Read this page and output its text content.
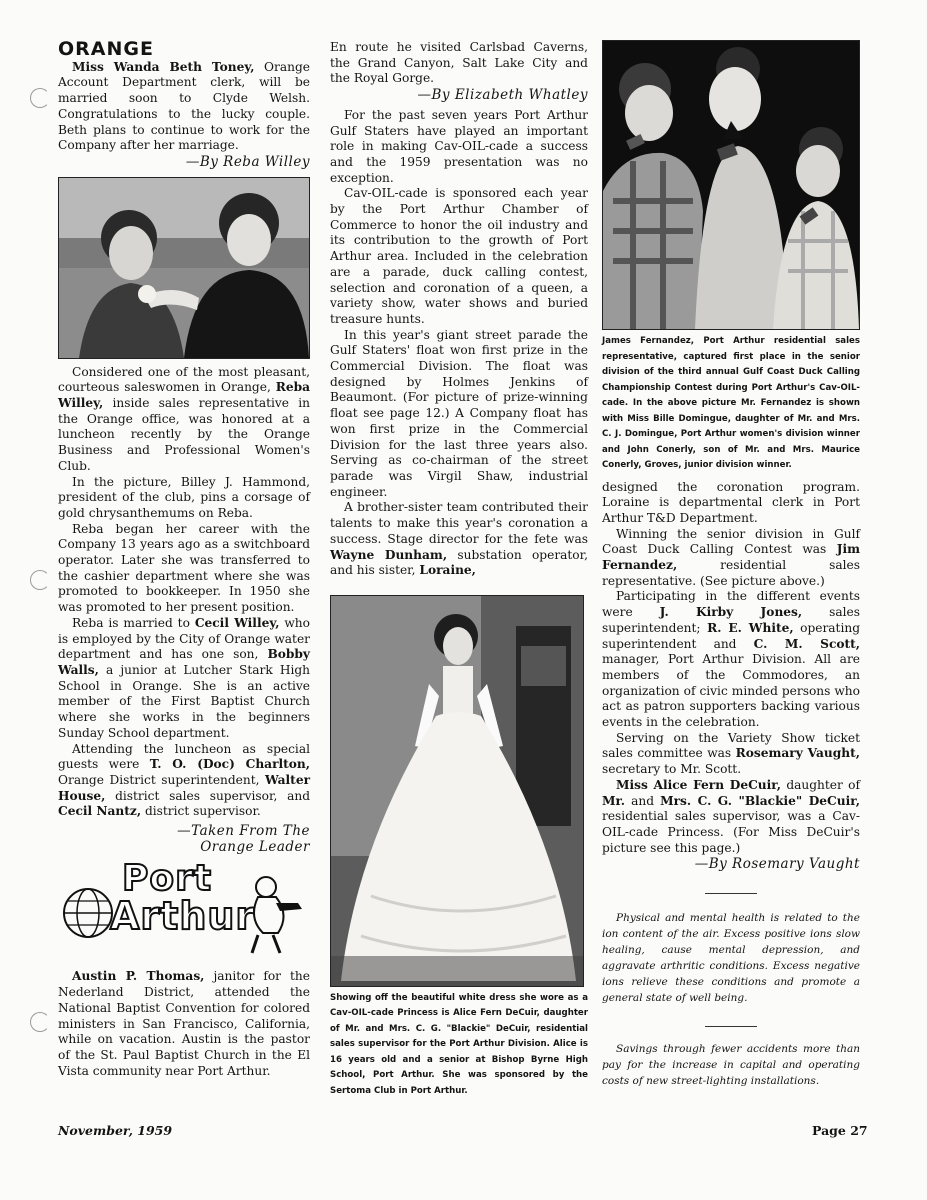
ORANGE

Miss Wanda Beth Toney, Orange Account Department clerk, will be married soon to Clyde Welsh. Congratulations to the lucky couple. Beth plans to continue to work for the Company after her marriage.

—By Reba Willey

Considered one of the most pleasant, courteous saleswomen in Orange, Reba Willey, inside sales representative in the Orange office, was honored at a luncheon recently by the Orange Business and Professional Women's Club.

In the picture, Billey J. Hammond, president of the club, pins a corsage of gold chrysanthemums on Reba.

Reba began her career with the Company 13 years ago as a switchboard operator. Later she was transferred to the cashier department where she was promoted to bookkeeper. In 1950 she was promoted to her present position.

Reba is married to Cecil Willey, who is employed by the City of Orange water department and has one son, Bobby Walls, a junior at Lutcher Stark High School in Orange. She is an active member of the First Baptist Church where she works in the beginners Sunday School department.

Attending the luncheon as special guests were T. O. (Doc) Charlton, Orange District superintendent, Walter House, district sales supervisor, and Cecil Nantz, district supervisor.

—Taken From The
Orange Leader
Port
Arthur

Austin P. Thomas, janitor for the Nederland District, attended the National Baptist Convention for colored ministers in San Francisco, California, while on vacation. Austin is the pastor of the St. Paul Baptist Church in the El Vista community near Port Arthur.

En route he visited Carlsbad Caverns, the Grand Canyon, Salt Lake City and the Royal Gorge.

—By Elizabeth Whatley

For the past seven years Port Arthur Gulf Staters have played an important role in making Cav-OIL-cade a success and the 1959 presentation was no exception.

Cav-OIL-cade is sponsored each year by the Port Arthur Chamber of Commerce to honor the oil industry and its contribution to the growth of Port Arthur area. Included in the celebration are a parade, duck calling contest, selection and coronation of a queen, a variety show, water shows and buried treasure hunts.

In this year's giant street parade the Gulf Staters' float won first prize in the Commercial Division. The float was designed by Holmes Jenkins of Beaumont. (For picture of prize-winning float see page 12.) A Company float has won first prize in the Commercial Division for the last three years also. Serving as co-chairman of the street parade was Virgil Shaw, industrial engineer.

A brother-sister team contributed their talents to make this year's coronation a success. Stage director for the fete was Wayne Dunham, substation operator, and his sister, Loraine,

Showing off the beautiful white dress she wore as a Cav-OIL-cade Princess is Alice Fern DeCuir, daughter of Mr. and Mrs. C. G. "Blackie" DeCuir, residential sales supervisor for the Port Arthur Division. Alice is 16 years old and a senior at Bishop Byrne High School, Port Arthur. She was sponsored by the Sertoma Club in Port Arthur.
James Fernandez, Port Arthur residential sales representative, captured first place in the senior division of the third annual Gulf Coast Duck Calling Championship Contest during Port Arthur's Cav-OIL-cade. In the above picture Mr. Fernandez is shown with Miss Bille Domingue, daughter of Mr. and Mrs. C. J. Domingue, Port Arthur women's division winner and John Conerly, son of Mr. and Mrs. Maurice Conerly, Groves, junior division winner.

designed the coronation program. Loraine is departmental clerk in Port Arthur T&D Department.

Winning the senior division in Gulf Coast Duck Calling Contest was Jim Fernandez, residential sales representative. (See picture above.)

Participating in the different events were J. Kirby Jones, sales superintendent; R. E. White, operating superintendent and C. M. Scott, manager, Port Arthur Division. All are members of the Commodores, an organization of civic minded persons who act as patron supporters backing various events in the celebration.

Serving on the Variety Show ticket sales committee was Rosemary Vaught, secretary to Mr. Scott.

Miss Alice Fern DeCuir, daughter of Mr. and Mrs. C. G. "Blackie" DeCuir, residential sales supervisor, was a Cav-OIL-cade Princess. (For Miss DeCuir's picture see this page.)

—By Rosemary Vaught
Physical and mental health is related to the ion content of the air. Excess positive ions slow healing, cause mental depression, and aggravate arthritic conditions. Excess negative ions relieve these conditions and promote a general state of well being.
Savings through fewer accidents more than pay for the increase in capital and operating costs of new street-lighting installations.
November, 1959	Page 27
